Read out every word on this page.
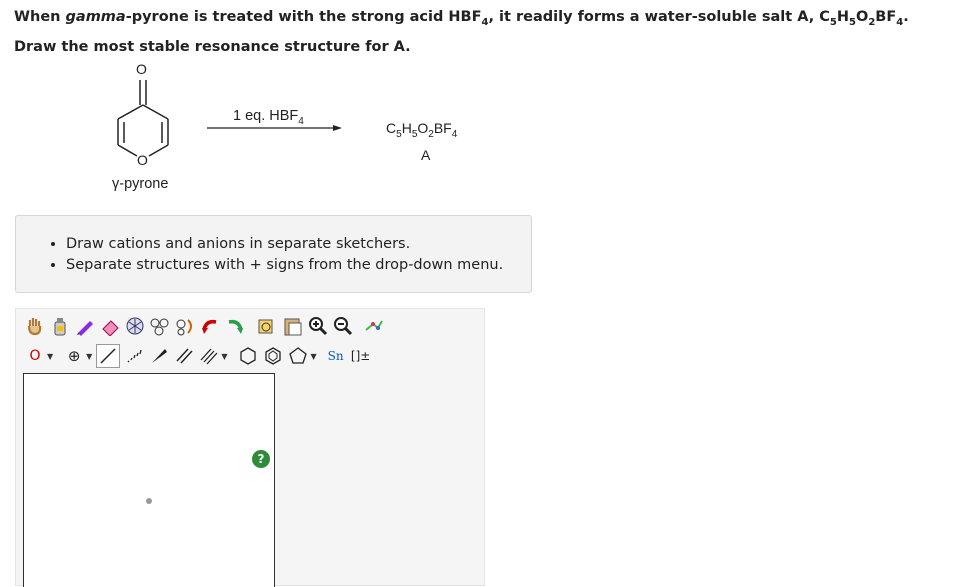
When gamma-pyrone is treated with the strong acid $HBF_4$, it readily forms a water-soluble salt A, $C_5H_5O_2BF_4$.
Draw the most stable resonance structure for A.
O
O
γ-pyrone
1 eq. $HBF_4$	$C_5H_5O_2BF_4$
A
• Draw cations and anions in separate sketchers.
• Separate structures with + signs from the drop-down menu.
O ▼ ⊕ ▼	▼	▼ Sn []±
?
